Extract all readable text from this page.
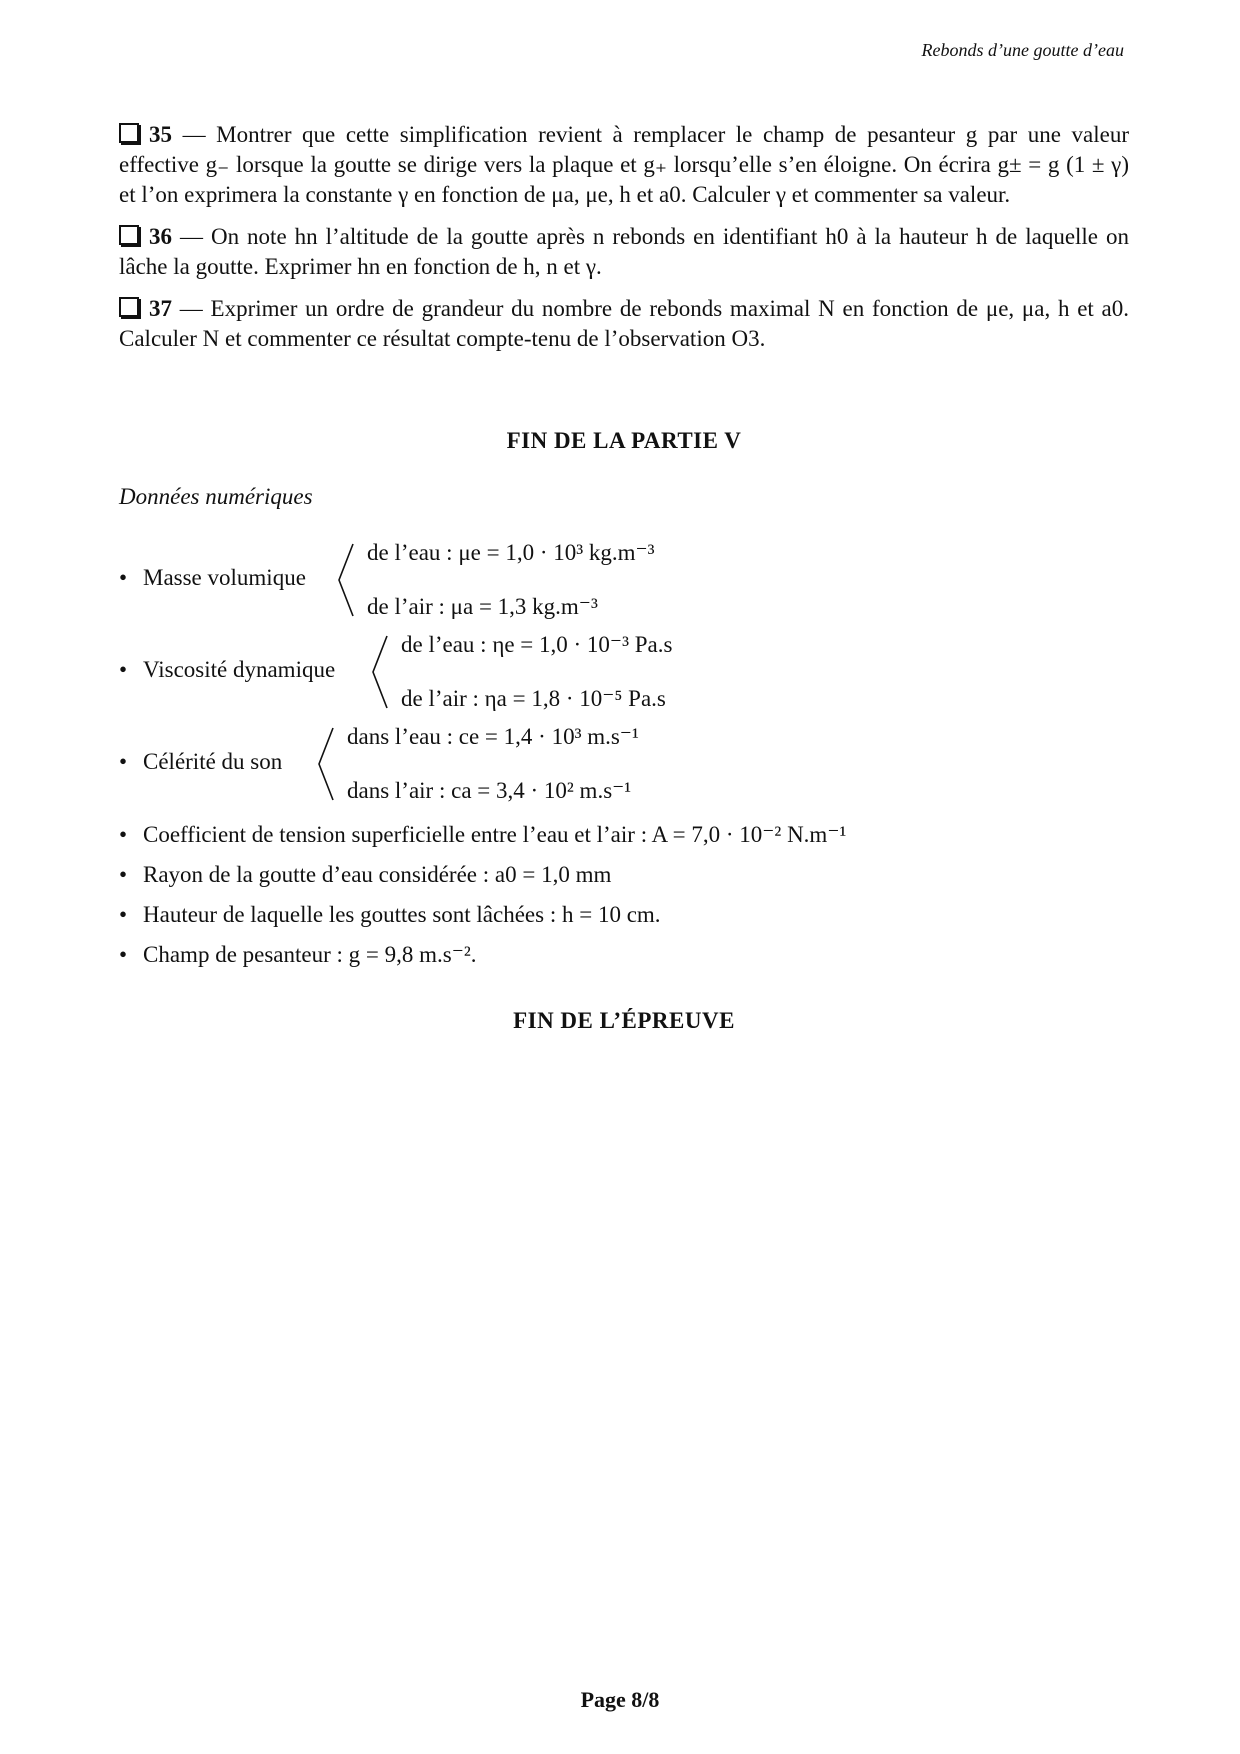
Rebonds d’une goutte d’eau

35 — Montrer que cette simplification revient à remplacer le champ de pesanteur g par une valeur effective g₋ lorsque la goutte se dirige vers la plaque et g₊ lorsqu’elle s’en éloigne. On écrira g± = g (1 ± γ) et l’on exprimera la constante γ en fonction de μa, μe, h et a0. Calculer γ et commenter sa valeur.

36 — On note hn l’altitude de la goutte après n rebonds en identifiant h0 à la hauteur h de laquelle on lâche la goutte. Exprimer hn en fonction de h, n et γ.

37 — Exprimer un ordre de grandeur du nombre de rebonds maximal N en fonction de μe, μa, h et a0. Calculer N et commenter ce résultat compte-tenu de l’observation O3.

FIN DE LA PARTIE V
Données numériques
• Masse volumique
de l’eau : μe = 1,0 · 10³ kg.m⁻³
de l’air : μa = 1,3 kg.m⁻³
• Viscosité dynamique
de l’eau : ηe = 1,0 · 10⁻³ Pa.s
de l’air : ηa = 1,8 · 10⁻⁵ Pa.s
• Célérité du son
dans l’eau : ce = 1,4 · 10³ m.s⁻¹
dans l’air : ca = 3,4 · 10² m.s⁻¹
• Coefficient de tension superficielle entre l’eau et l’air : A = 7,0 · 10⁻² N.m⁻¹
• Rayon de la goutte d’eau considérée : a0 = 1,0 mm
• Hauteur de laquelle les gouttes sont lâchées : h = 10 cm.
• Champ de pesanteur : g = 9,8 m.s⁻².
FIN DE L’ÉPREUVE
Page 8/8
